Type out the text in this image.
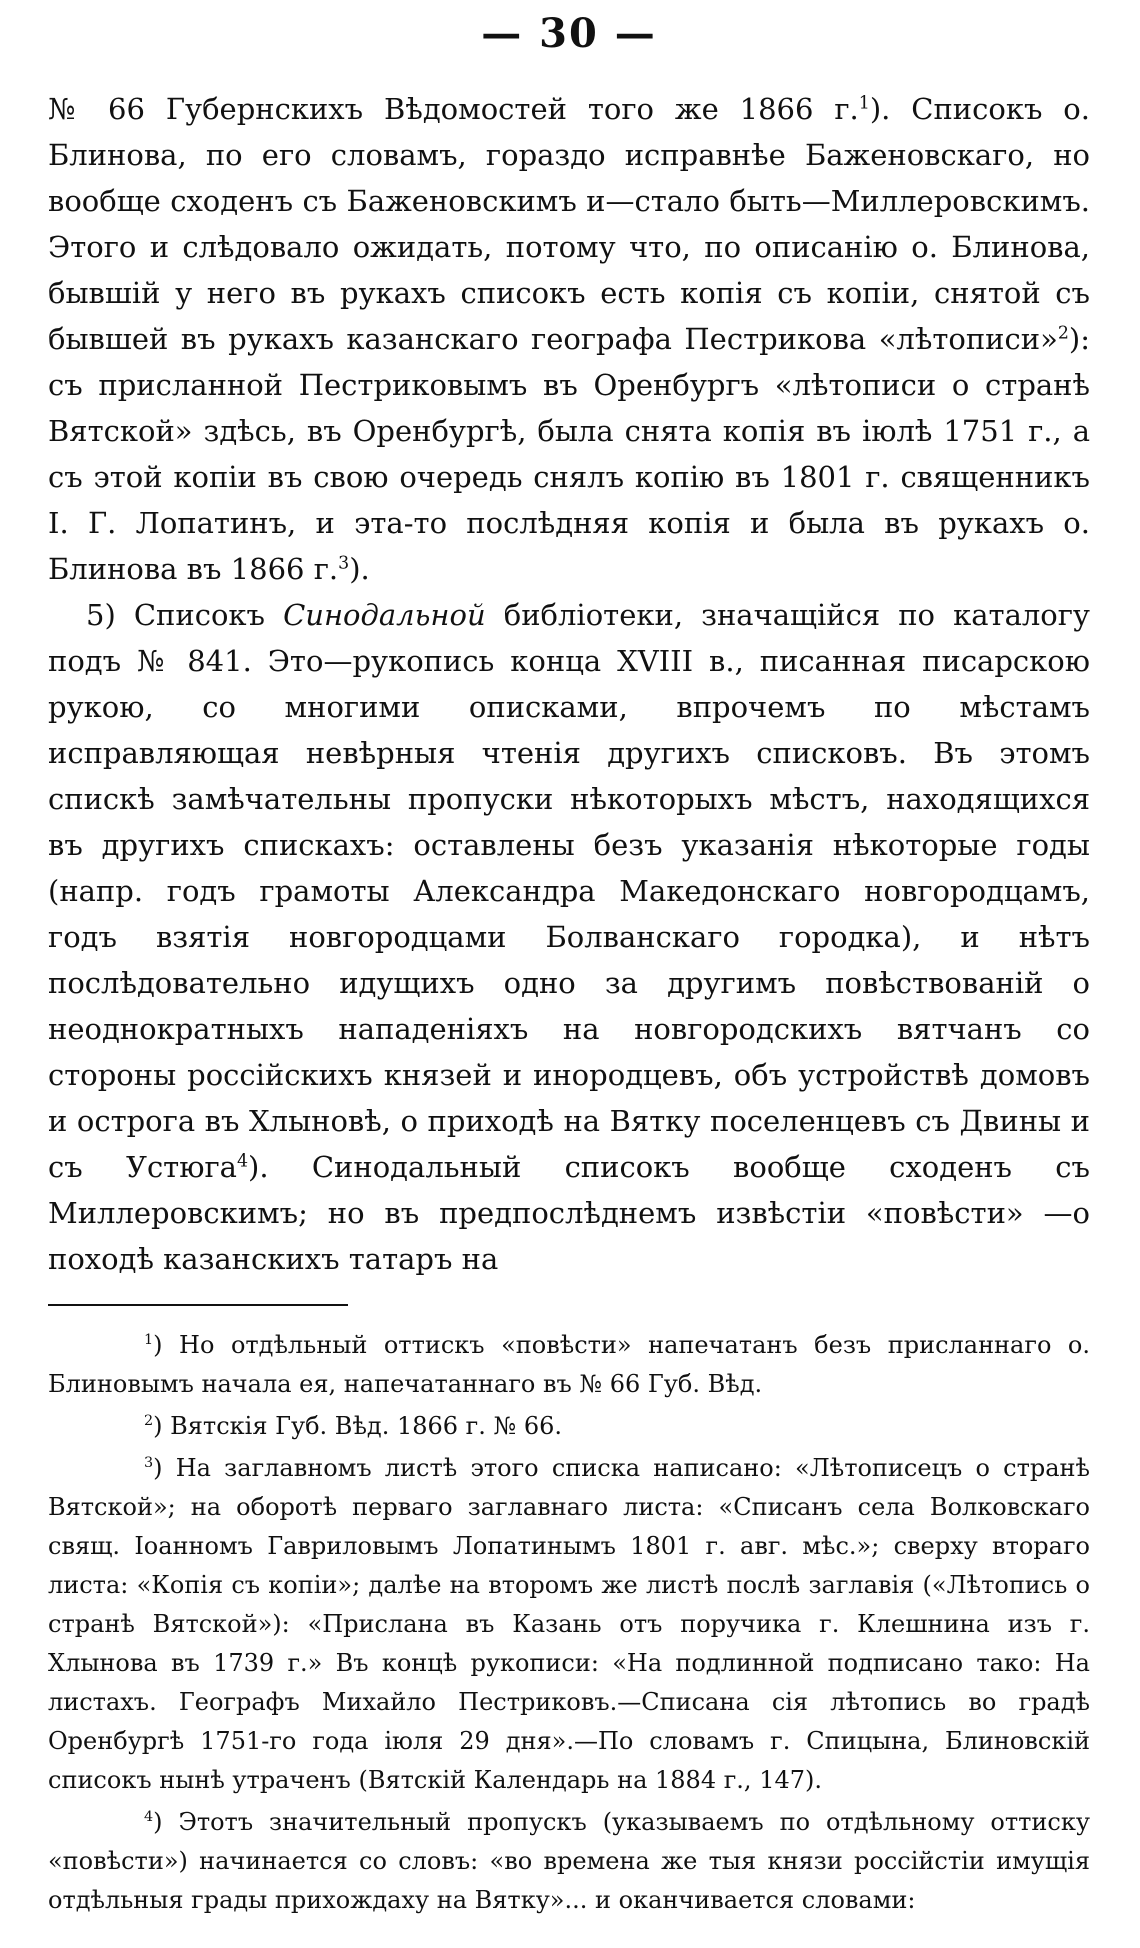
— 30 —

№ 66 Губернскихъ Вѣдомостей того же 1866 г.$^1$). Списокъ о. Блинова, по его словамъ, гораздо исправнѣе Баженовскаго, но вообще сходенъ съ Баженовскимъ и—стало быть—Миллеровскимъ. Этого и слѣдовало ожидать, потому что, по описанію о. Блинова, бывшій у него въ рукахъ списокъ есть копія съ копіи, снятой съ бывшей въ рукахъ казанскаго географа Пестрикова «лѣтописи»$^2$): съ присланной Пестриковымъ въ Оренбургъ «лѣтописи о странѣ Вятской» здѣсь, въ Оренбургѣ, была снята копія въ іюлѣ 1751 г., а съ этой копіи въ свою очередь снялъ копію въ 1801 г. священникъ І. Г. Лопатинъ, и эта-то послѣдняя копія и была въ рукахъ о. Блинова въ 1866 г.$^3$).

5) Списокъ Синодальной библіотеки, значащійся по каталогу подъ № 841. Это—рукопись конца XVIII в., писанная писарскою рукою, со многими описками, впрочемъ по мѣстамъ исправляющая невѣрныя чтенія другихъ списковъ. Въ этомъ спискѣ замѣчательны пропуски нѣкоторыхъ мѣстъ, находящихся въ другихъ спискахъ: оставлены безъ указанія нѣкоторые годы (напр. годъ грамоты Александра Македонскаго новгородцамъ, годъ взятія новгородцами Болванскаго городка), и нѣтъ послѣдовательно идущихъ одно за другимъ повѣствованій о неоднократныхъ нападеніяхъ на новгородскихъ вятчанъ со стороны россійскихъ князей и инородцевъ, объ устройствѣ домовъ и острога въ Хлыновѣ, о приходѣ на Вятку поселенцевъ съ Двины и съ Устюга$^4$). Синодальный списокъ вообще сходенъ съ Миллеровскимъ; но въ предпослѣднемъ извѣстіи «повѣсти» —о походѣ казанскихъ татаръ на

$^1$) Но отдѣльный оттискъ «повѣсти» напечатанъ безъ присланнаго о. Блиновымъ начала ея, напечатаннаго въ № 66 Губ. Вѣд.

$^2$) Вятскія Губ. Вѣд. 1866 г. № 66.

$^3$) На заглавномъ листѣ этого списка написано: «Лѣтописецъ о странѣ Вятской»; на оборотѣ перваго заглавнаго листа: «Списанъ села Волковскаго свящ. Іоанномъ Гавриловымъ Лопатинымъ 1801 г. авг. мѣс.»; сверху втораго листа: «Копія съ копіи»; далѣе на второмъ же листѣ послѣ заглавія («Лѣтопись о странѣ Вятской»): «Прислана въ Казань отъ поручика г. Клешнина изъ г. Хлынова въ 1739 г.» Въ концѣ рукописи: «На подлинной подписано тако: На листахъ. Географъ Михайло Пестриковъ.—Списана сія лѣтопись во градѣ Оренбургѣ 1751-го года іюля 29 дня».—По словамъ г. Спицына, Блиновскій списокъ нынѣ утраченъ (Вятскій Календарь на 1884 г., 147).

$^4$) Этотъ значительный пропускъ (указываемъ по отдѣльному оттиску «повѣсти») начинается со словъ: «во времена же тыя князи россійстіи имущія отдѣльныя грады прихождаху на Вятку»... и оканчивается словами:
